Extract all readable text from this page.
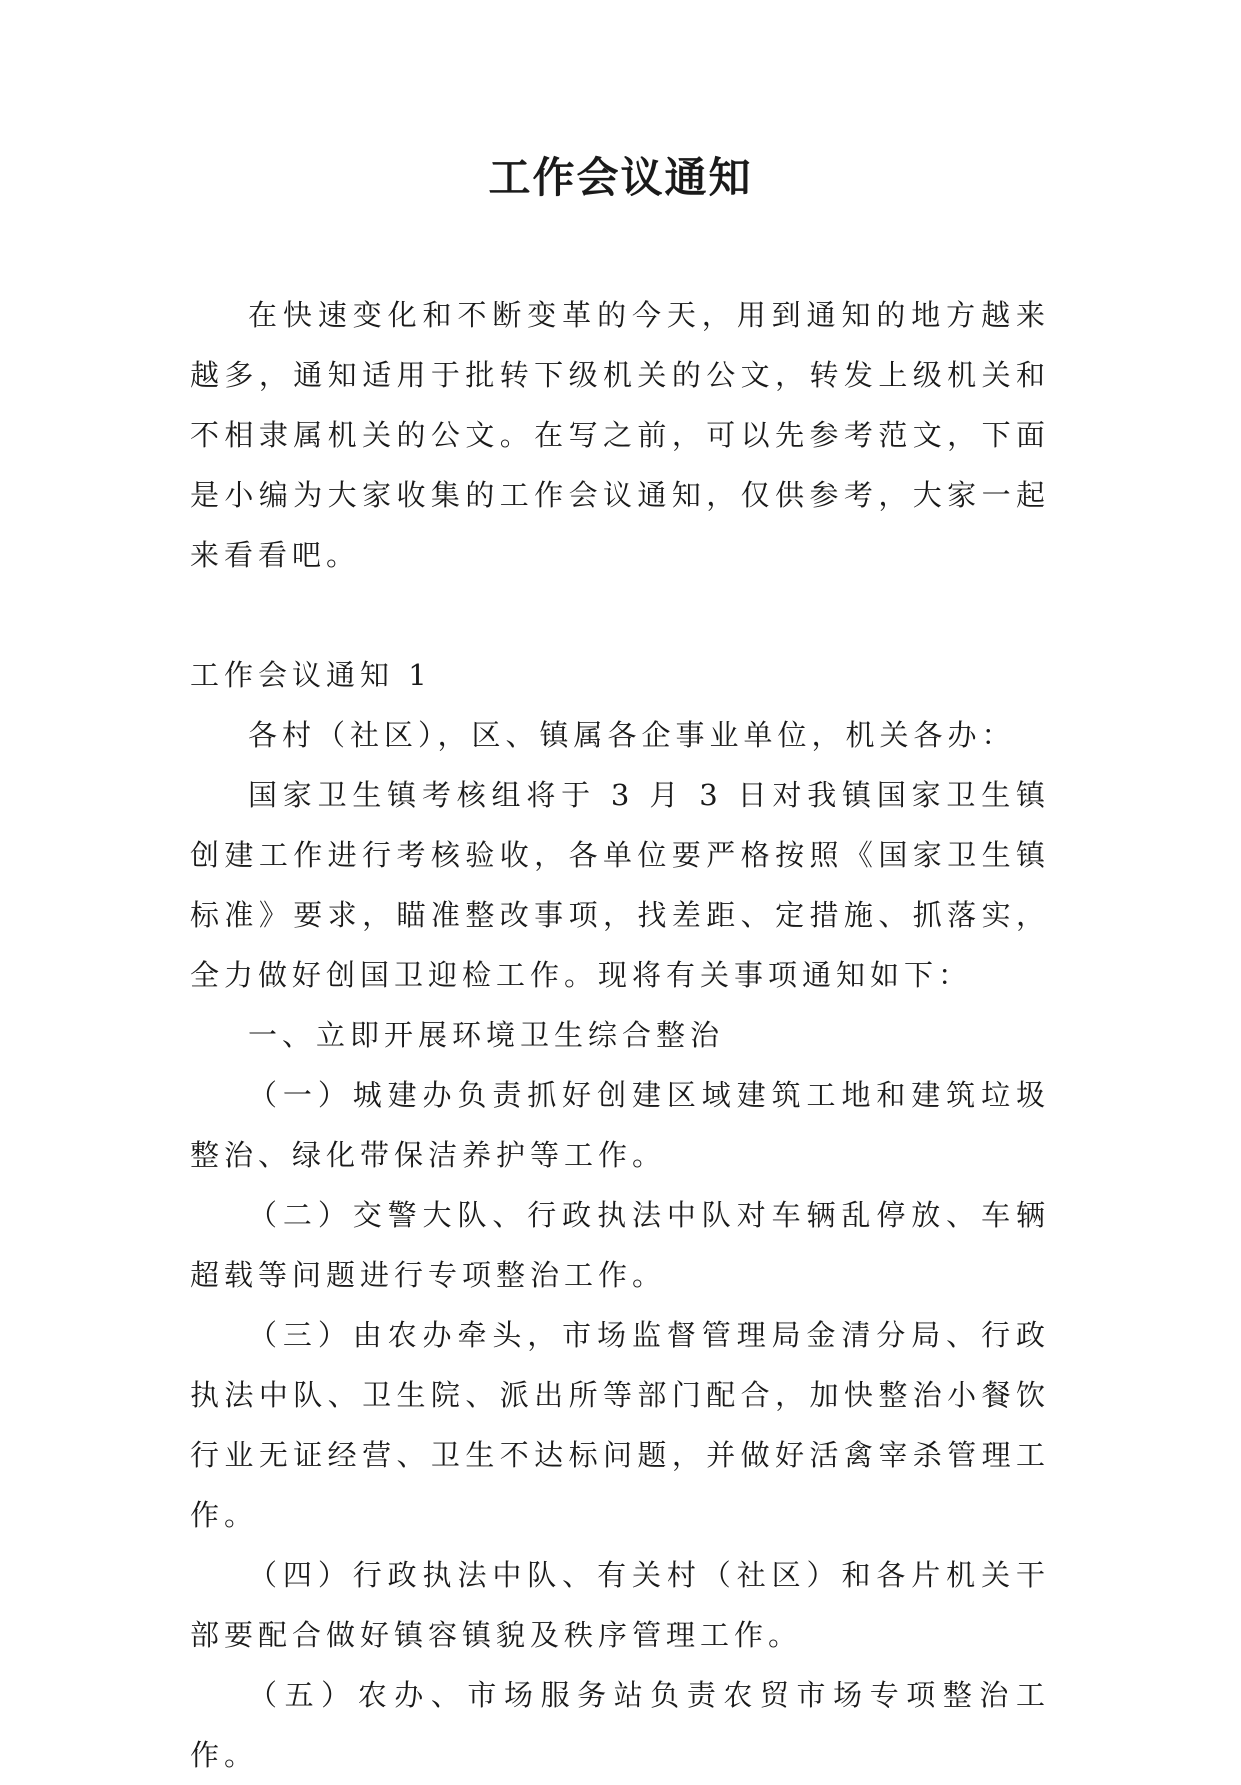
工作会议通知

在快速变化和不断变革的今天，用到通知的地方越来越多，通知适用于批转下级机关的公文，转发上级机关和不相隶属机关的公文。在写之前，可以先参考范文，下面是小编为大家收集的工作会议通知，仅供参考，大家一起来看看吧。

工作会议通知 1

各村（社区），区、镇属各企事业单位，机关各办：

国家卫生镇考核组将于 3 月 3 日对我镇国家卫生镇创建工作进行考核验收，各单位要严格按照《国家卫生镇标准》要求，瞄准整改事项，找差距、定措施、抓落实，全力做好创国卫迎检工作。现将有关事项通知如下：

一、立即开展环境卫生综合整治

（一）城建办负责抓好创建区域建筑工地和建筑垃圾整治、绿化带保洁养护等工作。

（二）交警大队、行政执法中队对车辆乱停放、车辆超载等问题进行专项整治工作。

（三）由农办牵头，市场监督管理局金清分局、行政执法中队、卫生院、派出所等部门配合，加快整治小餐饮行业无证经营、卫生不达标问题，并做好活禽宰杀管理工作。

（四）行政执法中队、有关村（社区）和各片机关干部要配合做好镇容镇貌及秩序管理工作。

（五）农办、市场服务站负责农贸市场专项整治工作。
